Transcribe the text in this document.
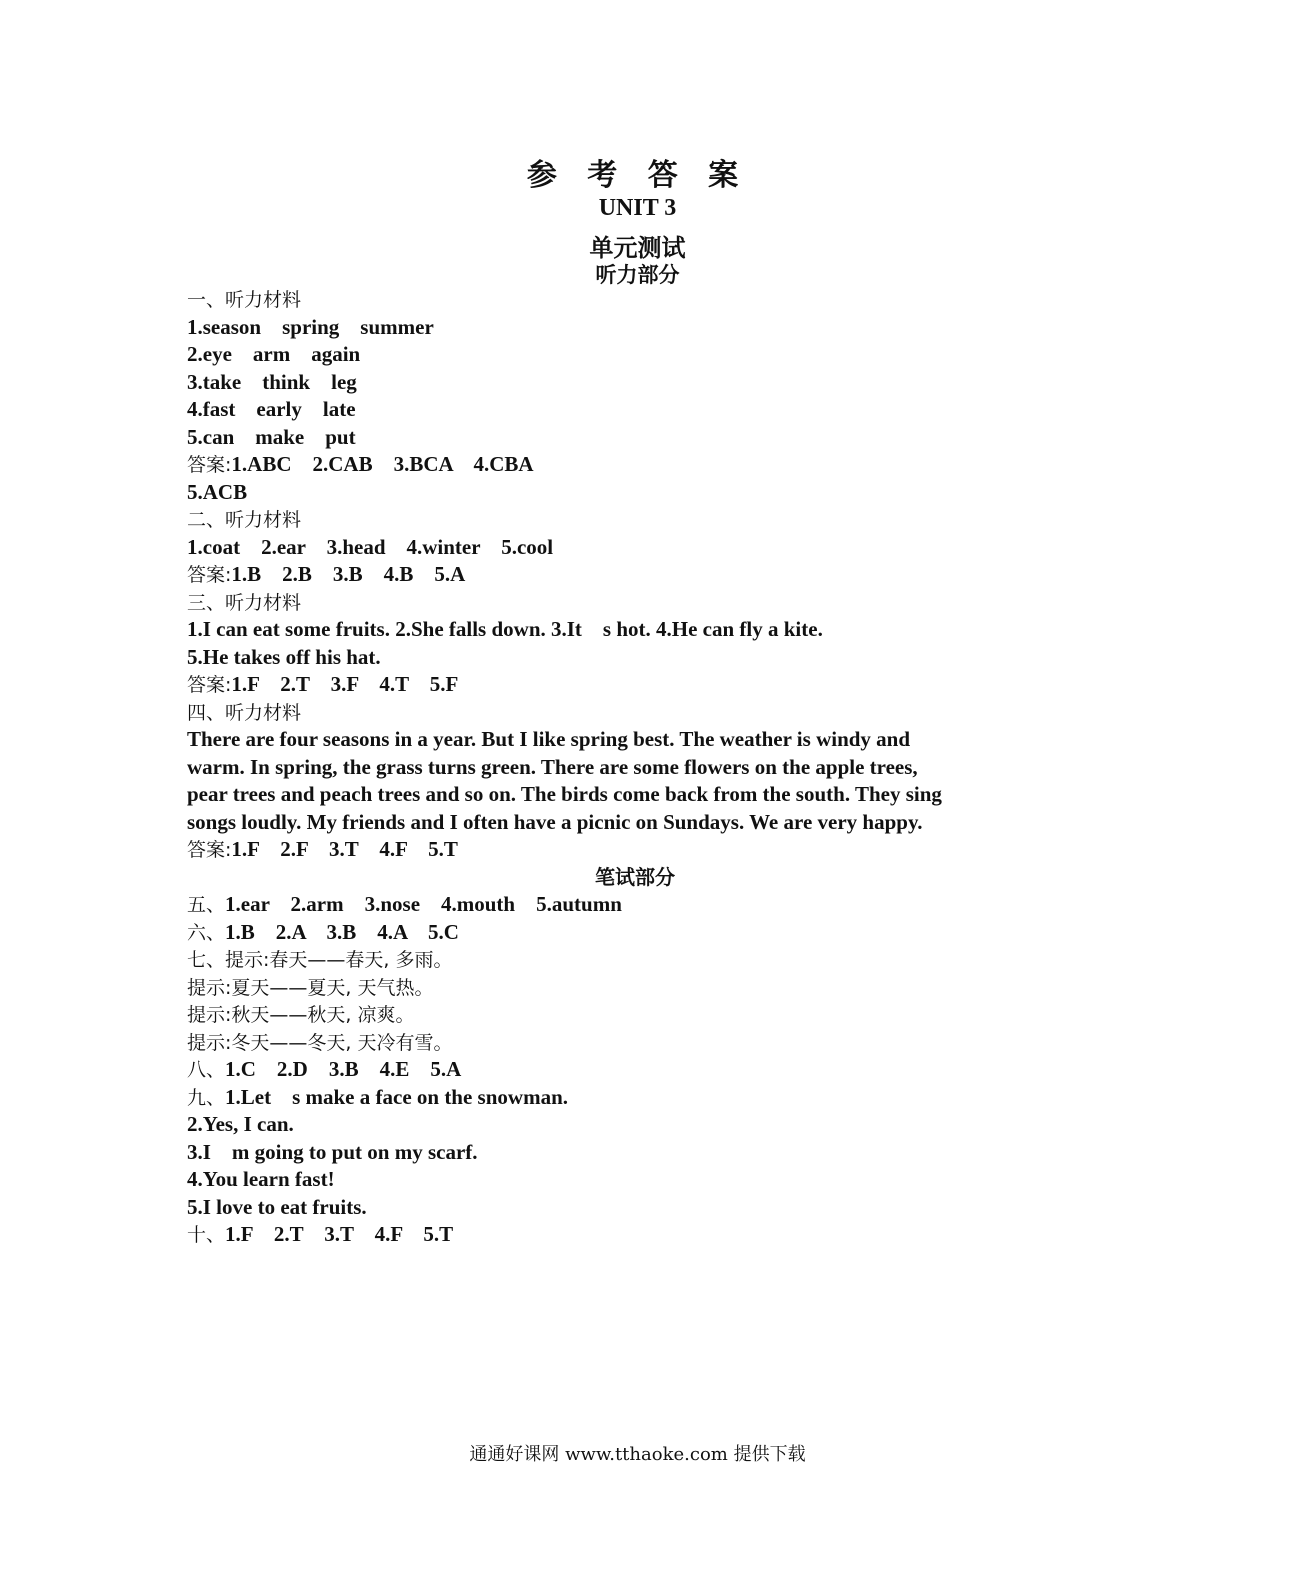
参 考 答 案
UNIT 3
单元测试
听力部分
一、听力材料
1.season    spring    summer
2.eye    arm    again
3.take    think    leg
4.fast    early    late
5.can    make    put
答案:1.ABC    2.CAB    3.BCA    4.CBA
5.ACB
二、听力材料
1.coat    2.ear    3.head    4.winter    5.cool
答案:1.B    2.B    3.B    4.B    5.A
三、听力材料
1.I can eat some fruits. 2.She falls down. 3.It    s hot. 4.He can fly a kite.
5.He takes off his hat.
答案:1.F    2.T    3.F    4.T    5.F
四、听力材料
There are four seasons in a year. But I like spring best. The weather is windy and
warm. In spring, the grass turns green. There are some flowers on the apple trees,
pear trees and peach trees and so on. The birds come back from the south. They sing
songs loudly. My friends and I often have a picnic on Sundays. We are very happy.
答案:1.F    2.F    3.T    4.F    5.T
笔试部分
五、1.ear    2.arm    3.nose    4.mouth    5.autumn
六、1.B    2.A    3.B    4.A    5.C
七、提示:春天——春天, 多雨。
提示:夏天——夏天, 天气热。
提示:秋天——秋天, 凉爽。
提示:冬天——冬天, 天冷有雪。
八、1.C    2.D    3.B    4.E    5.A
九、1.Let    s make a face on the snowman.
2.Yes, I can.
3.I    m going to put on my scarf.
4.You learn fast!
5.I love to eat fruits.
十、1.F    2.T    3.T    4.F    5.T
通通好课网 www.tthaoke.com 提供下载
